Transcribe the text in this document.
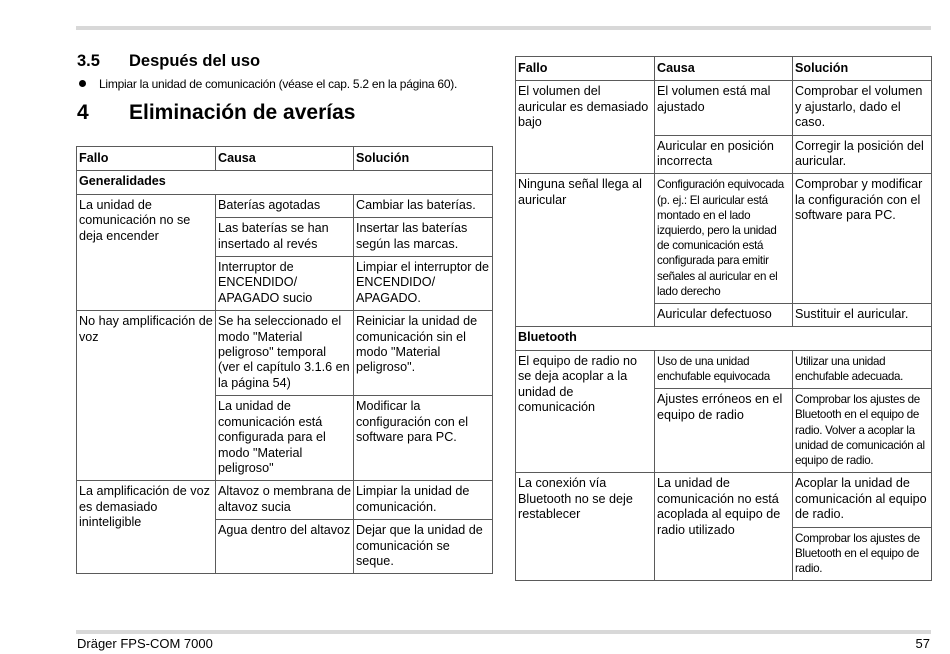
3.5 Después del uso
Limpiar la unidad de comunicación (véase el cap. 5.2 en la página 60).
4 Eliminación de averías
Fallo	Causa	Solución
Generalidades		
La unidad de comunicación no se deja encender	Baterías agotadas	Cambiar las baterías.
	Las baterías se han insertado al revés	Insertar las baterías según las marcas.
	Interruptor de ENCENDIDO/ APAGADO sucio	Limpiar el interruptor de ENCENDIDO/ APAGADO.
No hay amplificación de voz	Se ha seleccionado el modo "Material peligroso" temporal (ver el capítulo 3.1.6 en la página 54)	Reiniciar la unidad de comunicación sin el modo "Material peligroso".
	La unidad de comunicación está configurada para el modo "Material peligroso"	Modificar la configuración con el software para PC.
La amplificación de voz es demasiado ininteligible	Altavoz o membrana de altavoz sucia	Limpiar la unidad de comunicación.
	Agua dentro del altavoz	Dejar que la unidad de comunicación se seque.
Fallo	Causa	Solución
El volumen del auricular es demasiado bajo	El volumen está mal ajustado	Comprobar el volumen y ajustarlo, dado el caso.
	Auricular en posición incorrecta	Corregir la posición del auricular.
Ninguna señal llega al auricular	Configuración equivocada (p. ej.: El auricular está montado en el lado izquierdo, pero la unidad de comunicación está configurada para emitir señales al auricular en el lado derecho	Comprobar y modificar la configuración con el software para PC.
	Auricular defectuoso	Sustituir el auricular.
Bluetooth		
El equipo de radio no se deja acoplar a la unidad de comunicación	Uso de una unidad enchufable equivocada	Utilizar una unidad enchufable adecuada.
	Ajustes erróneos en el equipo de radio	Comprobar los ajustes de Bluetooth en el equipo de radio. Volver a acoplar la unidad de comunicación al equipo de radio.
La conexión vía Bluetooth no se deje restablecer	La unidad de comunicación no está acoplada al equipo de radio utilizado	Acoplar la unidad de comunicación al equipo de radio.
		Comprobar los ajustes de Bluetooth en el equipo de radio.
Dräger FPS-COM 7000	57
